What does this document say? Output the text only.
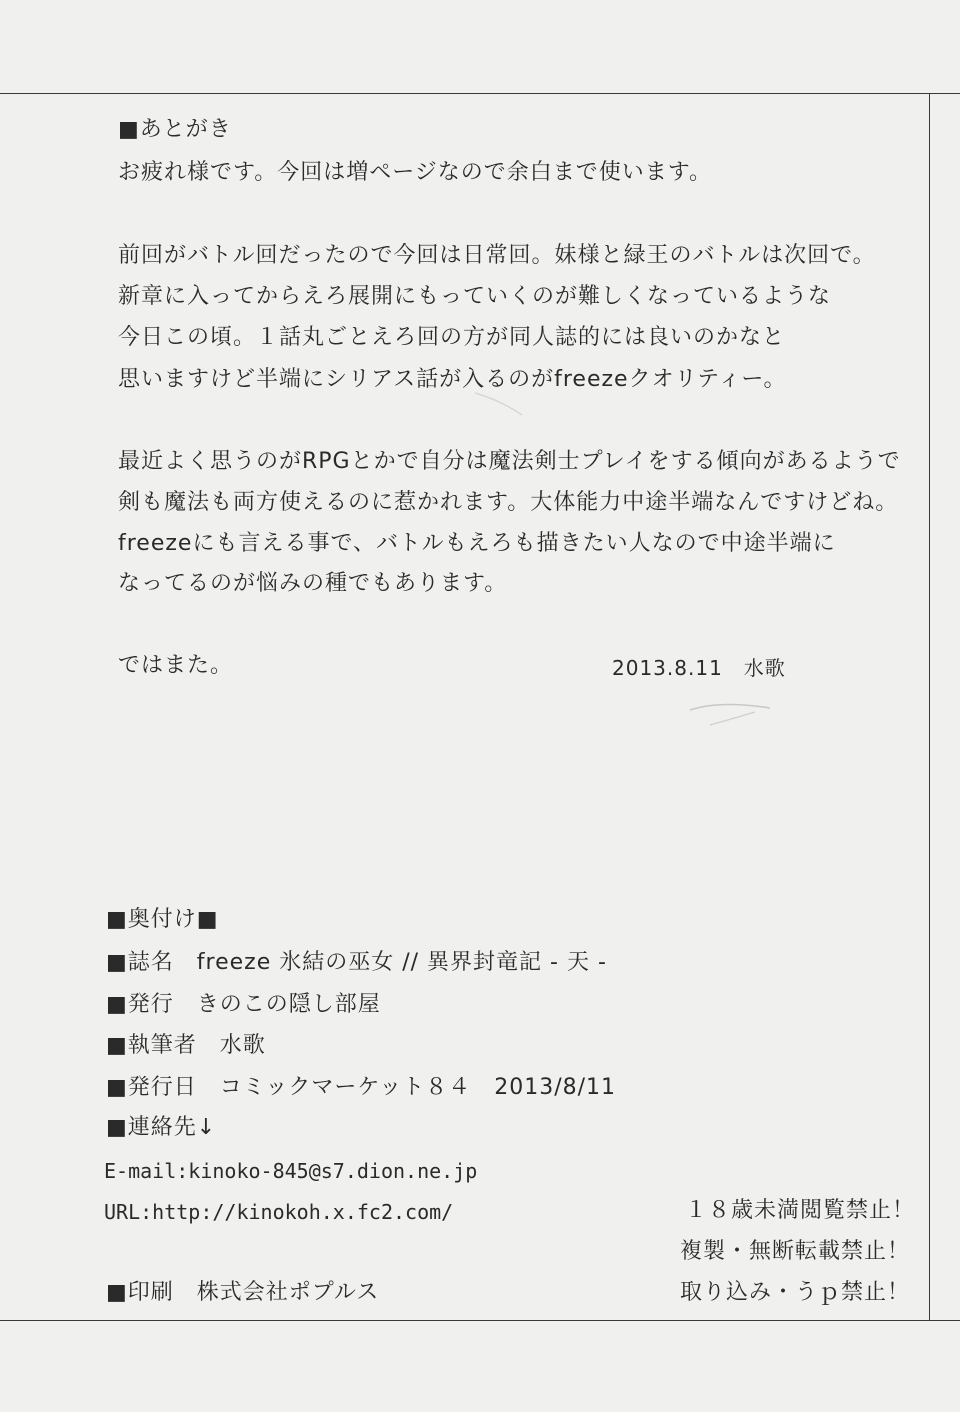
■あとがき
お疲れ様です。今回は増ページなので余白まで使います。
前回がバトル回だったので今回は日常回。妹様と緑王のバトルは次回で。
新章に入ってからえろ展開にもっていくのが難しくなっているような
今日この頃。１話丸ごとえろ回の方が同人誌的には良いのかなと
思いますけど半端にシリアス話が入るのがfreezeクオリティー。
最近よく思うのがRPGとかで自分は魔法剣士プレイをする傾向があるようで
剣も魔法も両方使えるのに惹かれます。大体能力中途半端なんですけどね。
freezeにも言える事で、バトルもえろも描きたい人なので中途半端に
なってるのが悩みの種でもあります。
ではまた。	2013.8.11　水歌
■奥付け■
■誌名　freeze 氷結の巫女 // 異界封竜記 - 天 -
■発行　きのこの隠し部屋
■執筆者　水歌
■発行日　コミックマーケット８４　2013/8/11
■連絡先↓
E-mail:kinoko-845@s7.dion.ne.jp
URL:http://kinokoh.x.fc2.com/
■印刷　株式会社ポプルス
１８歳未満閲覧禁止！
複製・無断転載禁止！
取り込み・うｐ禁止！
